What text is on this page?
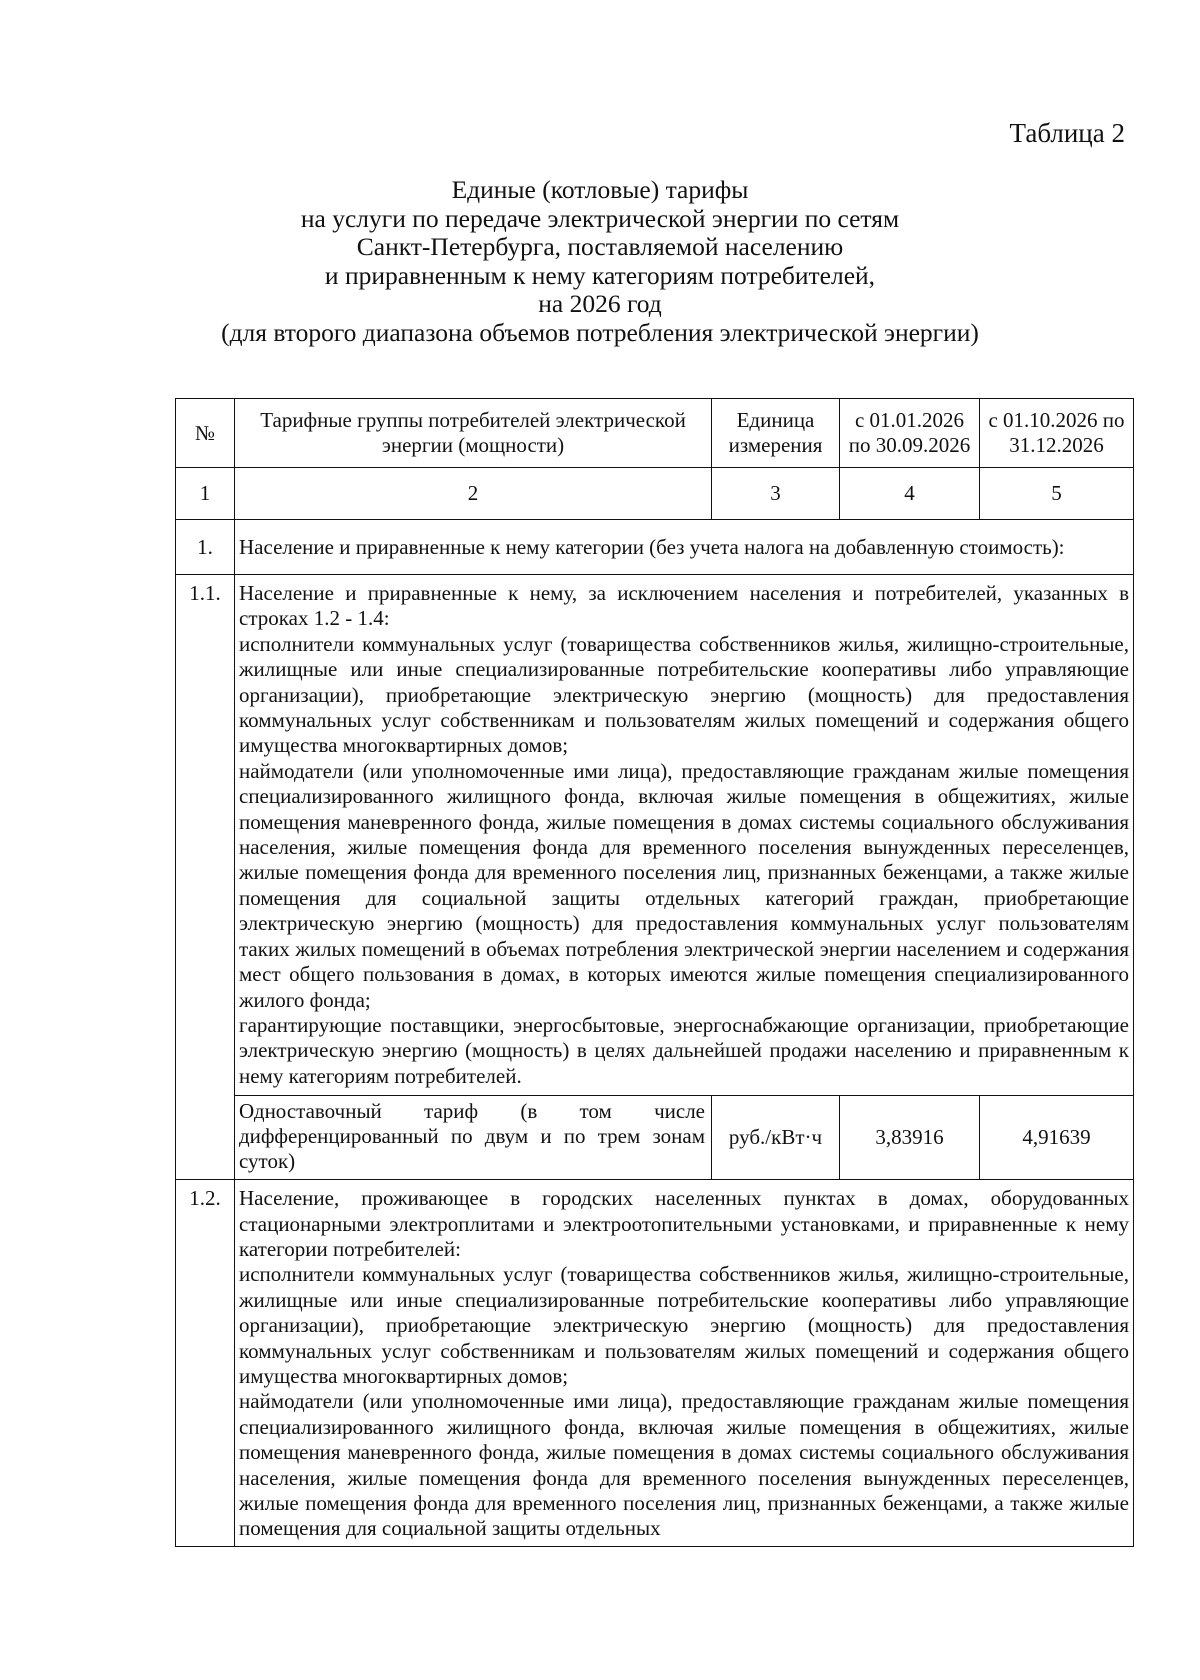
Таблица 2
Единые (котловые) тарифы
на услуги по передаче электрической энергии по сетям
Санкт-Петербурга, поставляемой населению
и приравненным к нему категориям потребителей,
на 2026 год
(для второго диапазона объемов потребления электрической энергии)
№	Тарифные группы потребителей электрической энергии (мощности)	Единица измерения	с 01.01.2026 по 30.09.2026	с 01.10.2026 по 31.12.2026
1	2	3	4	5
1.	Население и приравненные к нему категории (без учета налога на добавленную стоимость):			
1.1.	Население и приравненные к нему, за исключением населения и потребителей, указанных в строках 1.2 - 1.4:

исполнители коммунальных услуг (товарищества собственников жилья, жилищно-строительные, жилищные или иные специализированные потребительские кооперативы либо управляющие организации), приобретающие электрическую энергию (мощность) для предоставления коммунальных услуг собственникам и пользователям жилых помещений и содержания общего имущества многоквартирных домов;

наймодатели (или уполномоченные ими лица), предоставляющие гражданам жилые помещения специализированного жилищного фонда, включая жилые помещения в общежитиях, жилые помещения маневренного фонда, жилые помещения в домах системы социального обслуживания населения, жилые помещения фонда для временного поселения вынужденных переселенцев, жилые помещения фонда для временного поселения лиц, признанных беженцами, а также жилые помещения для социальной защиты отдельных категорий граждан, приобретающие электрическую энергию (мощность) для предоставления коммунальных услуг пользователям таких жилых помещений в объемах потребления электрической энергии населением и содержания мест общего пользования в домах, в которых имеются жилые помещения специализированного жилого фонда;

гарантирующие поставщики, энергосбытовые, энергоснабжающие организации, приобретающие электрическую энергию (мощность) в целях дальнейшей продажи населению и приравненным к нему категориям потребителей.			

	Одноставочный тариф (в том числе дифференцированный по двум и по трем зонам суток)	руб./кВт·ч	3,83916	4,91639
1.2.	Население, проживающее в городских населенных пунктах в домах, оборудованных стационарными электроплитами и электроотопительными установками, и приравненные к нему категории потребителей:

исполнители коммунальных услуг (товарищества собственников жилья, жилищно-строительные, жилищные или иные специализированные потребительские кооперативы либо управляющие организации), приобретающие электрическую энергию (мощность) для предоставления коммунальных услуг собственникам и пользователям жилых помещений и содержания общего имущества многоквартирных домов;

наймодатели (или уполномоченные ими лица), предоставляющие гражданам жилые помещения специализированного жилищного фонда, включая жилые помещения в общежитиях, жилые помещения маневренного фонда, жилые помещения в домах системы социального обслуживания населения, жилые помещения фонда для временного поселения вынужденных переселенцев, жилые помещения фонда для временного поселения лиц, признанных беженцами, а также жилые помещения для социальной защиты отдельных			
